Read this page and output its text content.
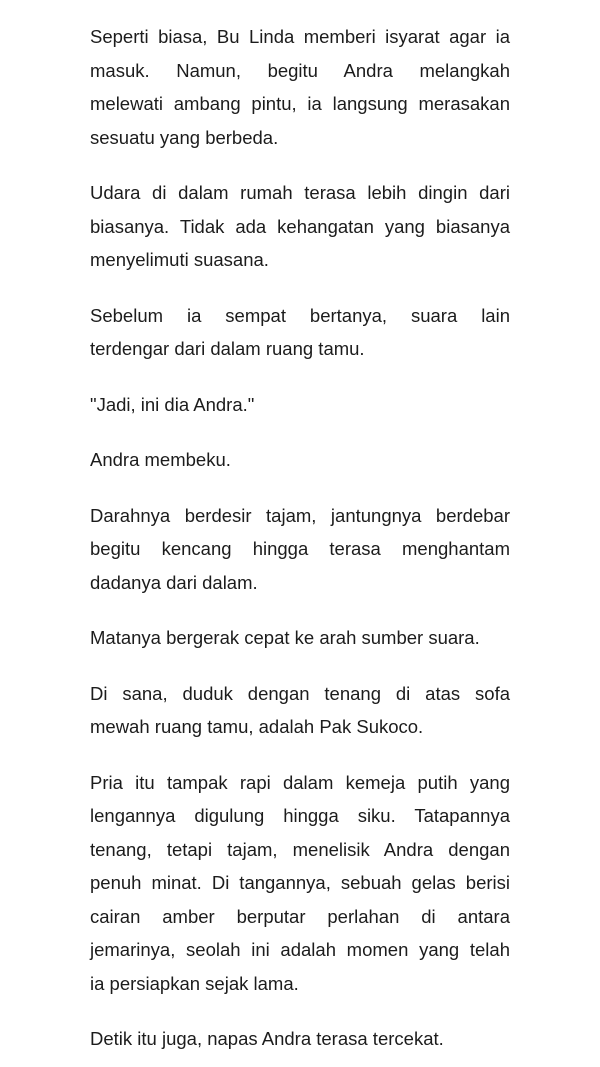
Seperti biasa, Bu Linda memberi isyarat agar ia
masuk. Namun, begitu Andra melangkah
melewati ambang pintu, ia langsung merasakan
sesuatu yang berbeda.
Udara di dalam rumah terasa lebih dingin dari
biasanya. Tidak ada kehangatan yang biasanya
menyelimuti suasana.
Sebelum ia sempat bertanya, suara lain
terdengar dari dalam ruang tamu.
"Jadi, ini dia Andra."
Andra membeku.
Darahnya berdesir tajam, jantungnya berdebar
begitu kencang hingga terasa menghantam
dadanya dari dalam.
Matanya bergerak cepat ke arah sumber suara.
Di sana, duduk dengan tenang di atas sofa
mewah ruang tamu, adalah Pak Sukoco.
Pria itu tampak rapi dalam kemeja putih yang
lengannya digulung hingga siku. Tatapannya
tenang, tetapi tajam, menelisik Andra dengan
penuh minat. Di tangannya, sebuah gelas berisi
cairan amber berputar perlahan di antara
jemarinya, seolah ini adalah momen yang telah
ia persiapkan sejak lama.
Detik itu juga, napas Andra terasa tercekat.
